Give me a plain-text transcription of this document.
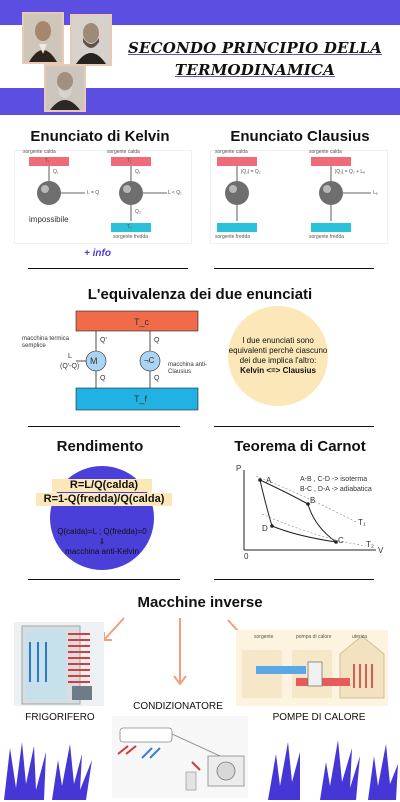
SECONDO PRINCIPIO DELLA
TERMODINAMICA
Enunciato di Kelvin	Enunciato Clausius
sorgente calda	sorgente calda
T₁	T₁
Q₁	Q₁
L = Q	L < Q₁
Q₂
T₂
sorgente fredda
impossibile
sorgente calda	sorgente calda
|Q₁| = Q₂	|Q₁| = Q₂ + Lₑ
Lₑ
sorgente fredda	sorgente fredda
+ info
L'equivalenza dei due enunciati
T_c
T_f
M	¬C
Q'
Q
Q
Q
L
(Q'-Q)
macchina termica semplice
macchina anti-Clausius
I due enunciati sono equivalenti perchè ciascuno dei due implica l'altro:
Kelvin <=> Clausius
Rendimento	Teorema di Carnot
R=L/Q(calda)
R=1-Q(fredda)/Q(calda)
Q(calda)=L ; Q(fredda)=0
⇓
macchina anti-Kelvin
P
V
0
A
B
C
D
T₁
T₂
A-B , C-D -> isoterma
B-C , D-A -> adiabatica
Macchine inverse
sorgente	pompa di calore	utenza
FRIGORIFERO
CONDIZIONATORE
POMPE DI CALORE
